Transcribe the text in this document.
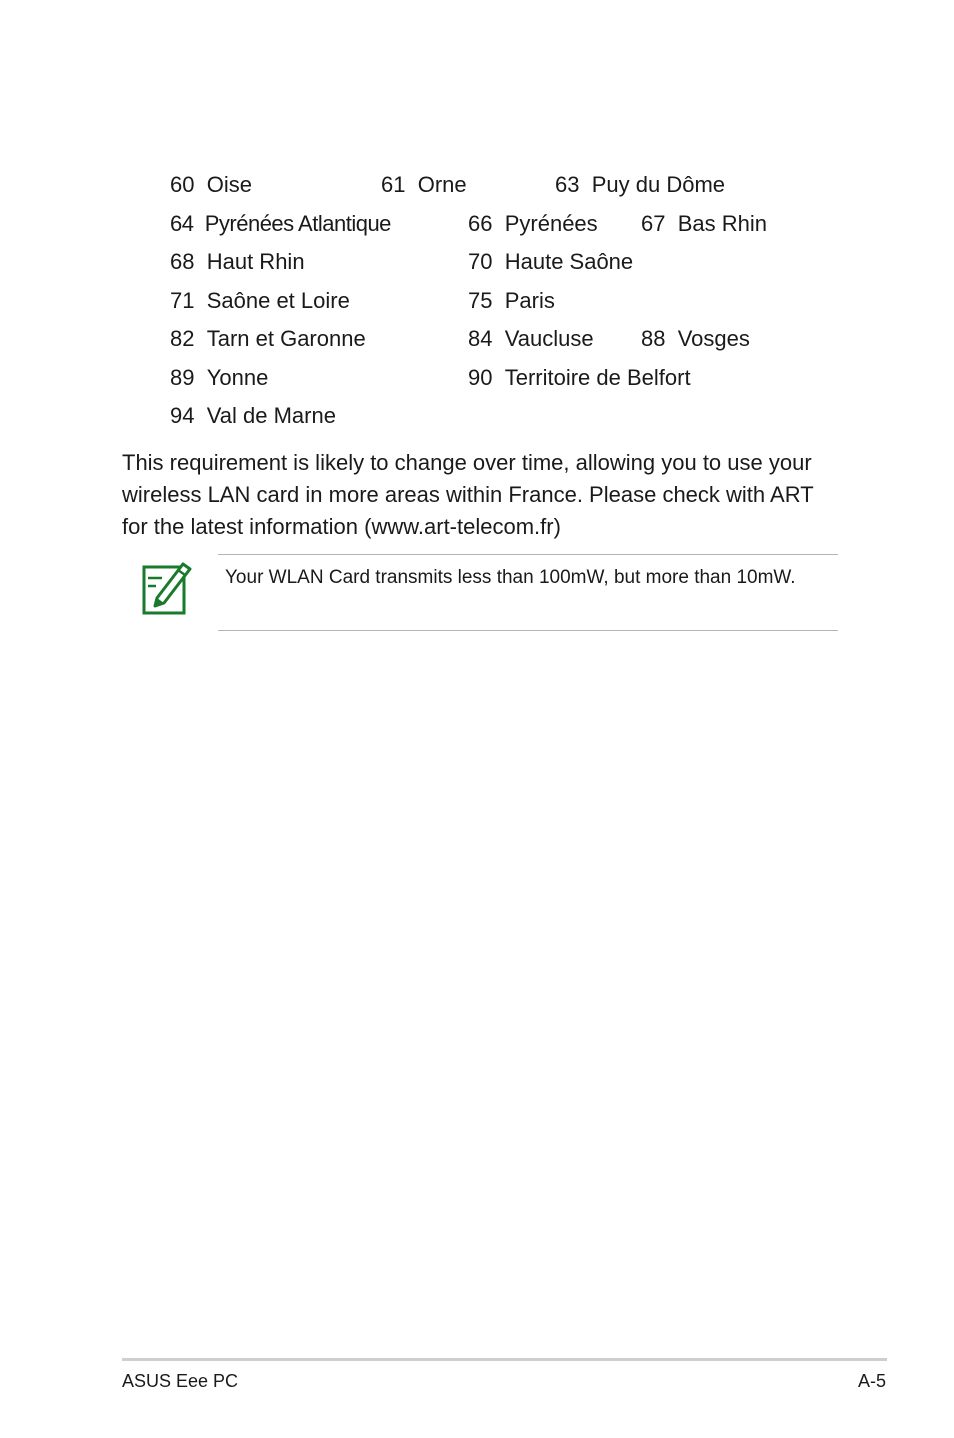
60 Oise	61 Orne	63 Puy du Dôme
64 Pyrénées Atlantique	66 Pyrénées 67 Bas Rhin
68 Haut Rhin	70 Haute Saône
71 Saône et Loire	75 Paris
82 Tarn et Garonne	84 Vaucluse 88 Vosges
89 Yonne	90 Territoire de Belfort
94 Val de Marne

This requirement is likely to change over time, allowing you to use your wireless LAN card in more areas within France. Please check with ART for the latest information (www.art-telecom.fr)

Your WLAN Card transmits less than 100mW, but more than 10mW.

ASUS Eee PC	A-5
